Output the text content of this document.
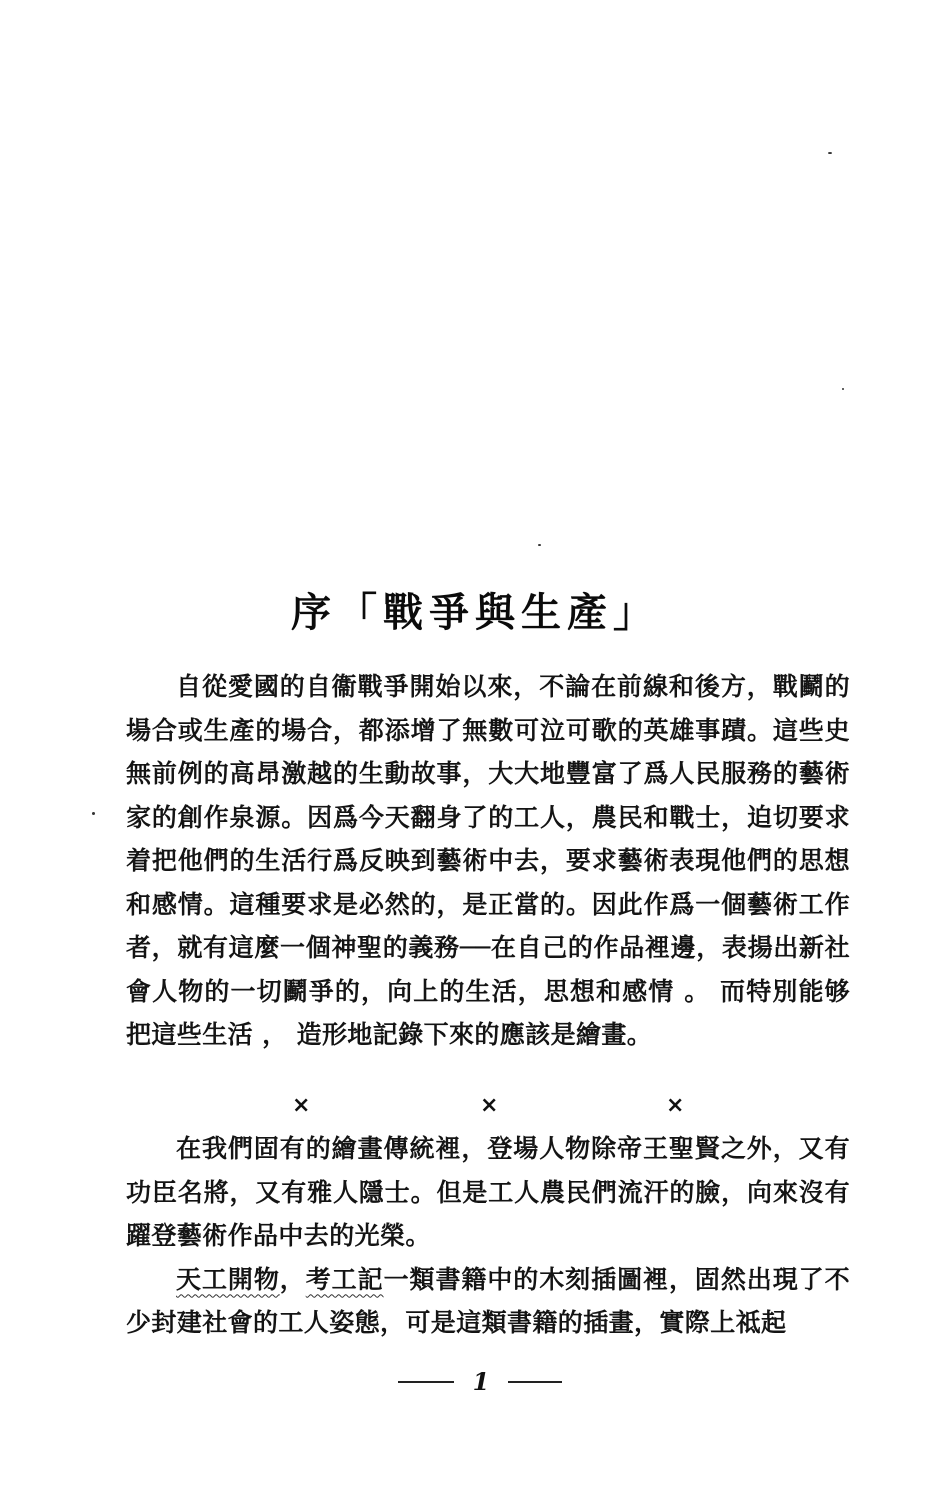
序「戰爭與生產」

自從愛國的自衞戰爭開始以來，不論在前線和後方，戰鬬的場合或生產的場合，都添增了無數可泣可歌的英雄事蹟。這些史無前例的高昂激越的生動故事，大大地豐富了爲人民服務的藝術家的創作泉源。因爲今天翻身了的工人，農民和戰士，迫切要求着把他們的生活行爲反映到藝術中去，要求藝術表現他們的思想和感情。這種要求是必然的，是正當的。因此作爲一個藝術工作者，就有這麼一個神聖的義務──在自己的作品裡邊，表揚出新社會人物的一切鬬爭的，向上的生活，思想和感情 。 而特別能够把這些生活 ， 造形地記錄下來的應該是繪畫。

×	×	×

在我們固有的繪畫傳統裡，登場人物除帝王聖賢之外，又有功臣名將，又有雅人隱士。但是工人農民們流汗的臉，向來沒有躍登藝術作品中去的光榮。

天工開物，考工記一類書籍中的木刻插圖裡，固然出現了不少封建社會的工人姿態，可是這類書籍的插畫，實際上祗起

1
